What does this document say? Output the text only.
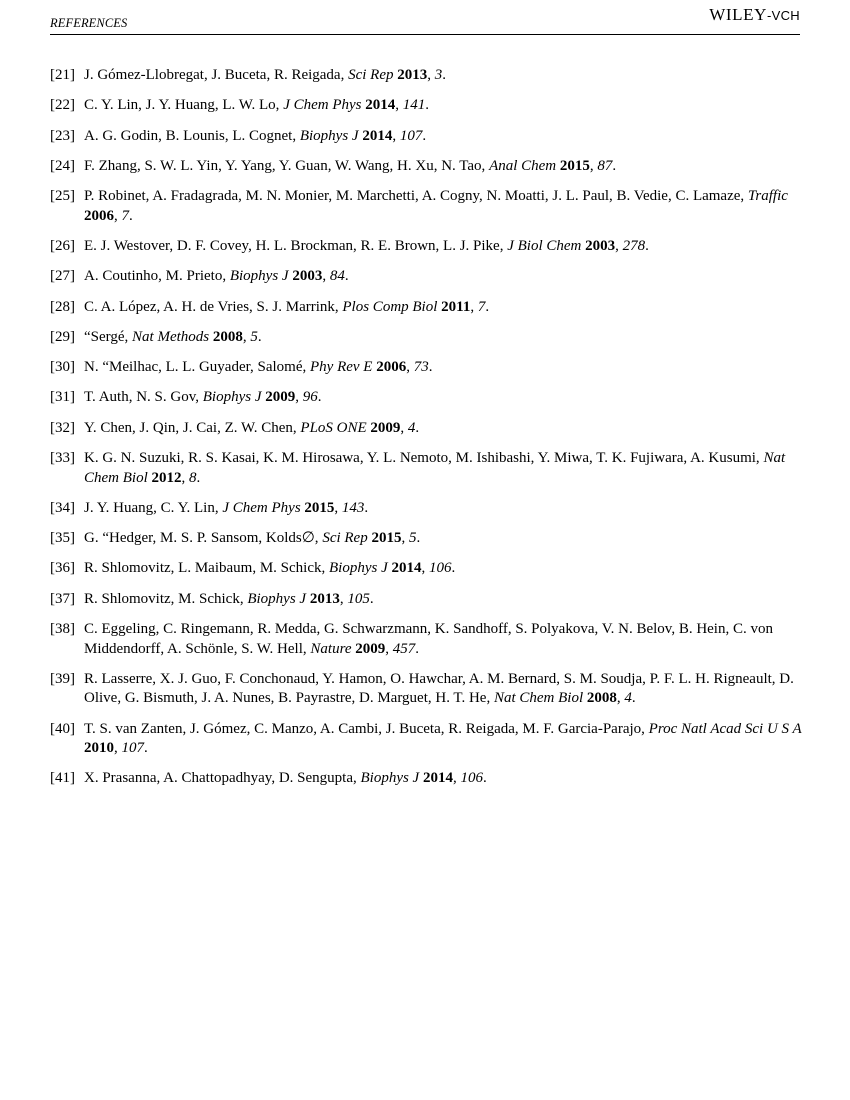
REFERENCES	WILEY-VCH
[21] J. Gómez-Llobregat, J. Buceta, R. Reigada, Sci Rep 2013, 3.
[22] C. Y. Lin, J. Y. Huang, L. W. Lo, J Chem Phys 2014, 141.
[23] A. G. Godin, B. Lounis, L. Cognet, Biophys J 2014, 107.
[24] F. Zhang, S. W. L. Yin, Y. Yang, Y. Guan, W. Wang, H. Xu, N. Tao, Anal Chem 2015, 87.
[25] P. Robinet, A. Fradagrada, M. N. Monier, M. Marchetti, A. Cogny, N. Moatti, J. L. Paul, B. Vedie, C. Lamaze, Traffic 2006, 7.
[26] E. J. Westover, D. F. Covey, H. L. Brockman, R. E. Brown, L. J. Pike, J Biol Chem 2003, 278.
[27] A. Coutinho, M. Prieto, Biophys J 2003, 84.
[28] C. A. López, A. H. de Vries, S. J. Marrink, Plos Comp Biol 2011, 7.
[29] “Sergé, Nat Methods 2008, 5.
[30] N. “Meilhac, L. L. Guyader, Salomé, Phy Rev E 2006, 73.
[31] T. Auth, N. S. Gov, Biophys J 2009, 96.
[32] Y. Chen, J. Qin, J. Cai, Z. W. Chen, PLoS ONE 2009, 4.
[33] K. G. N. Suzuki, R. S. Kasai, K. M. Hirosawa, Y. L. Nemoto, M. Ishibashi, Y. Miwa, T. K. Fujiwara, A. Kusumi, Nat Chem Biol 2012, 8.
[34] J. Y. Huang, C. Y. Lin, J Chem Phys 2015, 143.
[35] G. “Hedger, M. S. P. Sansom, Kolds∅, Sci Rep 2015, 5.
[36] R. Shlomovitz, L. Maibaum, M. Schick, Biophys J 2014, 106.
[37] R. Shlomovitz, M. Schick, Biophys J 2013, 105.
[38] C. Eggeling, C. Ringemann, R. Medda, G. Schwarzmann, K. Sandhoff, S. Polyakova, V. N. Belov, B. Hein, C. von Middendorff, A. Schönle, S. W. Hell, Nature 2009, 457.
[39] R. Lasserre, X. J. Guo, F. Conchonaud, Y. Hamon, O. Hawchar, A. M. Bernard, S. M. Soudja, P. F. L. H. Rigneault, D. Olive, G. Bismuth, J. A. Nunes, B. Payrastre, D. Marguet, H. T. He, Nat Chem Biol 2008, 4.
[40] T. S. van Zanten, J. Gómez, C. Manzo, A. Cambi, J. Buceta, R. Reigada, M. F. Garcia-Parajo, Proc Natl Acad Sci U S A 2010, 107.
[41] X. Prasanna, A. Chattopadhyay, D. Sengupta, Biophys J 2014, 106.
